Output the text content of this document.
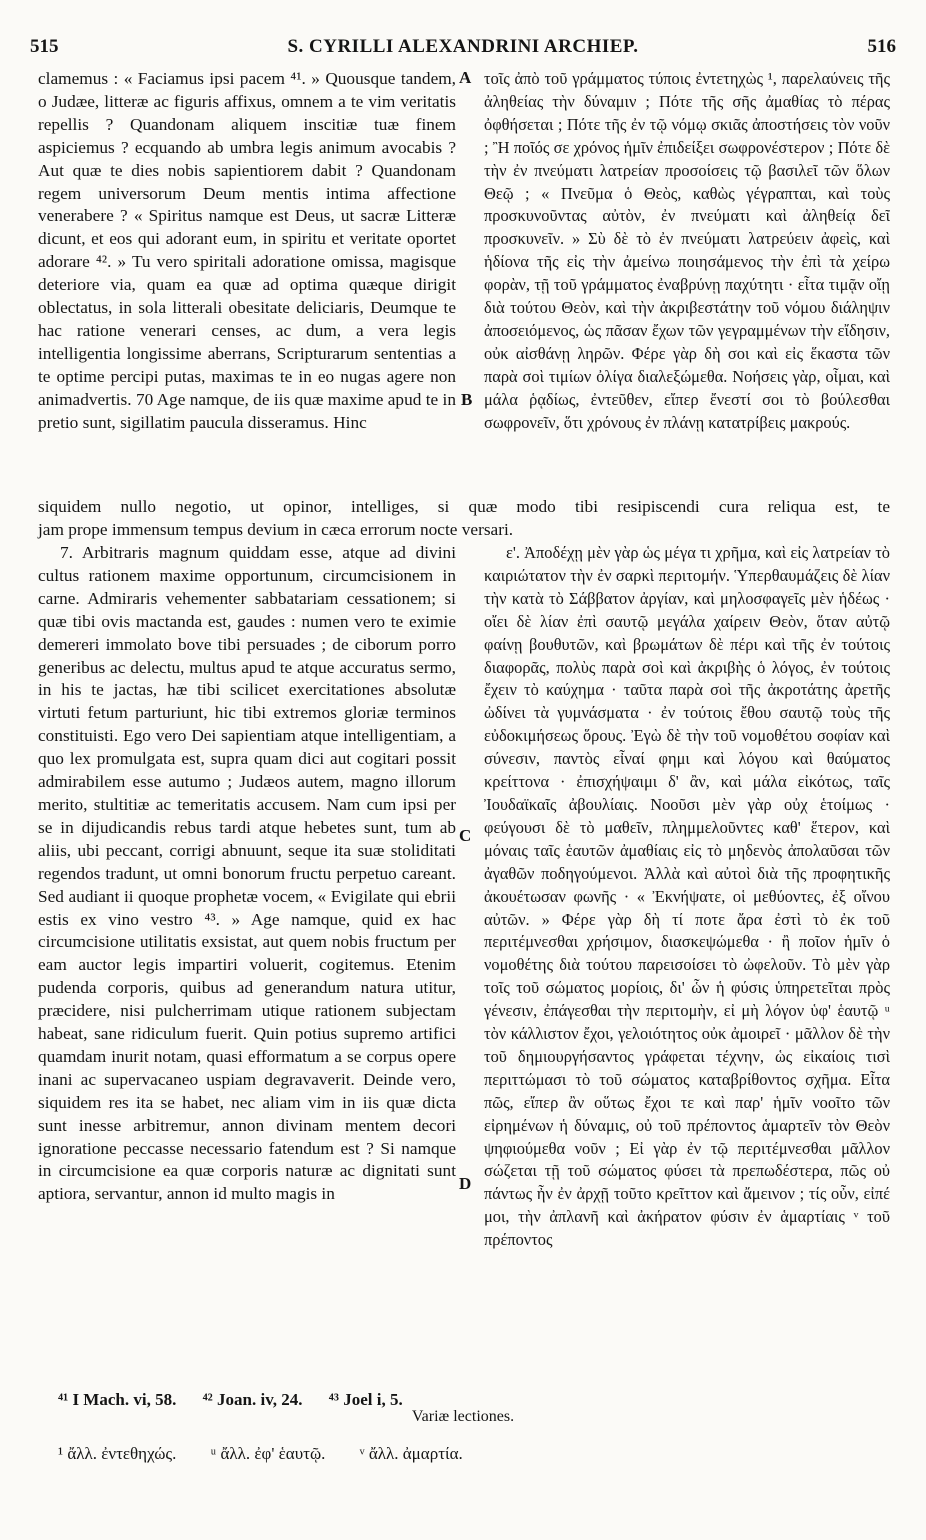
515	S. CYRILLI ALEXANDRINI ARCHIEP.	516

clamemus : « Faciamus ipsi pacem ⁴¹. » Quousque tandem, o Judæe, litteræ ac figuris affixus, omnem a te vim veritatis repellis ? Quandonam aliquem inscitiæ tuæ finem aspiciemus ? ecquando ab umbra legis animum avocabis ? Aut quæ te dies nobis sapientiorem dabit ? Quandonam regem universorum Deum mentis intima affectione venerabere ? « Spiritus namque est Deus, ut sacræ Litteræ dicunt, et eos qui adorant eum, in spiritu et veritate oportet adorare ⁴². » Tu vero spiritali adoratione omissa, magisque deteriore via, quam ea quæ ad optima quæque dirigit oblectatus, in sola litterali obesitate deliciaris, Deumque te hac ratione venerari censes, ac dum, a vera legis intelligentia longissime aberrans, Scripturarum sententias a te optime percipi putas, maximas te in eo nugas agere non animadvertis. 70 Age namque, de iis quæ maxime apud te in pretio sunt, sigillatim paucula disseramus. Hinc

τοῖς ἀπὸ τοῦ γράμματος τύποις ἐντετηχὼς ¹, παρελαύνεις τῆς ἀληθείας τὴν δύναμιν ; Πότε τῆς σῆς ἀμαθίας τὸ πέρας ὀφθήσεται ; Πότε τῆς ἐν τῷ νόμῳ σκιᾶς ἀποστήσεις τὸν νοῦν ; Ἢ ποῖός σε χρόνος ἡμῖν ἐπιδείξει σωφρονέστερον ; Πότε δὲ τὴν ἐν πνεύματι λατρείαν προσοίσεις τῷ βασιλεῖ τῶν ὅλων Θεῷ ; « Πνεῦμα ὁ Θεὸς, καθὼς γέγραπται, καὶ τοὺς προσκυνοῦντας αὐτὸν, ἐν πνεύματι καὶ ἀληθείᾳ δεῖ προσκυνεῖν. » Σὺ δὲ τὸ ἐν πνεύματι λατρεύειν ἀφεὶς, καὶ ἡδίονα τῆς εἰς τὴν ἀμείνω ποιησάμενος τὴν ἐπὶ τὰ χείρω φορὰν, τῇ τοῦ γράμματος ἐναβρύνῃ παχύτητι · εἶτα τιμᾷν οἴῃ διὰ τούτου Θεὸν, καὶ τὴν ἀκριβεστάτην τοῦ νόμου διάληψιν ἀποσειόμενος, ὡς πᾶσαν ἔχων τῶν γεγραμμένων τὴν εἴδησιν, οὐκ αἰσθάνῃ ληρῶν. Φέρε γὰρ δὴ σοι καὶ εἰς ἕκαστα τῶν παρὰ σοὶ τιμίων ὀλίγα διαλεξώμεθα. Νοήσεις γὰρ, οἶμαι, καὶ μάλα ῥᾳδίως, ἐντεῦθεν, εἴπερ ἔνεστί σοι τὸ βούλεσθαι σωφρονεῖν, ὅτι χρόνους ἐν πλάνῃ κατατρίβεις μακρούς.

A
B
siquidem nullo negotio, ut opinor, intelliges, si quæ modo tibi resipiscendi cura reliqua est, te
jam prope immensum tempus devium in cæca errorum nocte versari.

7. Arbitraris magnum quiddam esse, atque ad divini cultus rationem maxime opportunum, circumcisionem in carne. Admiraris vehementer sabbatariam cessationem; si quæ tibi ovis mactanda est, gaudes : numen vero te eximie demereri immolato bove tibi persuades ; de ciborum porro generibus ac delectu, multus apud te atque accuratus sermo, in his te jactas, hæ tibi scilicet exercitationes absolutæ virtuti fetum parturiunt, hic tibi extremos gloriæ terminos constituisti. Ego vero Dei sapientiam atque intelligentiam, a quo lex promulgata est, supra quam dici aut cogitari possit admirabilem esse autumo ; Judæos autem, magno illorum merito, stultitiæ ac temeritatis accusem. Nam cum ipsi per se in dijudicandis rebus tardi atque hebetes sunt, tum ab aliis, ubi peccant, corrigi abnuunt, seque ita suæ stoliditati regendos tradunt, ut omni bonorum fructu perpetuo careant. Sed audiant ii quoque prophetæ vocem, « Evigilate qui ebrii estis ex vino vestro ⁴³. » Age namque, quid ex hac circumcisione utilitatis exsistat, aut quem nobis fructum per eam auctor legis impartiri voluerit, cogitemus. Etenim pudenda corporis, quibus ad generandum natura utitur, præcidere, nisi pulcherrimam utique rationem subjectam habeat, sane ridiculum fuerit. Quin potius supremo artifici quamdam inurit notam, quasi efformatum a se corpus opere inani ac supervacaneo uspiam degravaverit. Deinde vero, siquidem res ita se habet, nec aliam vim in iis quæ dicta sunt inesse arbitremur, annon divinam mentem decori ignoratione peccasse necessario fatendum est ? Si namque in circumcisione ea quæ corporis naturæ ac dignitati sunt aptiora, servantur, annon id multo magis in

ε'. Ἀποδέχῃ μὲν γὰρ ὡς μέγα τι χρῆμα, καὶ εἰς λατρείαν τὸ καιριώτατον τὴν ἐν σαρκὶ περιτομήν. Ὑπερθαυμάζεις δὲ λίαν τὴν κατὰ τὸ Σάββατον ἀργίαν, καὶ μηλοσφαγεῖς μὲν ἡδέως · οἴει δὲ λίαν ἐπὶ σαυτῷ μεγάλα χαίρειν Θεὸν, ὅταν αὐτῷ φαίνῃ βουθυτῶν, καὶ βρωμάτων δὲ πέρι καὶ τῆς ἐν τούτοις διαφορᾶς, πολὺς παρὰ σοὶ καὶ ἀκριβὴς ὁ λόγος, ἐν τούτοις ἔχειν τὸ καύχημα · ταῦτα παρὰ σοὶ τῆς ἀκροτάτης ἀρετῆς ὠδίνει τὰ γυμνάσματα · ἐν τούτοις ἔθου σαυτῷ τοὺς τῆς εὐδοκιμήσεως ὅρους. Ἐγὼ δὲ τὴν τοῦ νομοθέτου σοφίαν καὶ σύνεσιν, παντὸς εἶναί φημι καὶ λόγου καὶ θαύματος κρείττονα · ἐπισχήψαιμι δ' ἂν, καὶ μάλα εἰκότως, ταῖς Ἰουδαϊκαῖς ἀβουλίαις. Νοοῦσι μὲν γὰρ οὐχ ἑτοίμως · φεύγουσι δὲ τὸ μαθεῖν, πλημμελοῦντες καθ' ἕτερον, καὶ μόναις ταῖς ἑαυτῶν ἀμαθίαις εἰς τὸ μηδενὸς ἀπολαῦσαι τῶν ἀγαθῶν ποδηγούμενοι. Ἀλλὰ καὶ αὐτοὶ διὰ τῆς προφητικῆς ἀκουέτωσαν φωνῆς · « Ἐκνήψατε, οἱ μεθύοντες, ἐξ οἴνου αὐτῶν. » Φέρε γὰρ δὴ τί ποτε ἄρα ἐστὶ τὸ ἐκ τοῦ περιτέμνεσθαι χρήσιμον, διασκεψώμεθα · ἢ ποῖον ἡμῖν ὁ νομοθέτης διὰ τούτου παρεισοίσει τὸ ὠφελοῦν. Τὸ μὲν γὰρ τοῖς τοῦ σώματος μορίοις, δι' ὧν ἡ φύσις ὑπηρετεῖται πρὸς γένεσιν, ἐπάγεσθαι τὴν περιτομὴν, εἰ μὴ λόγον ὑφ' ἑαυτῷ ᵘ τὸν κάλλιστον ἔχοι, γελοιότητος οὐκ ἀμοιρεῖ · μᾶλλον δὲ τὴν τοῦ δημιουργήσαντος γράφεται τέχνην, ὡς εἰκαίοις τισὶ περιττώμασι τὸ τοῦ σώματος καταβρίθοντος σχῆμα. Εἶτα πῶς, εἴπερ ἂν οὕτως ἔχοι τε καὶ παρ' ἡμῖν νοοῖτο τῶν εἰρημένων ἡ δύναμις, οὐ τοῦ πρέποντος ἁμαρτεῖν τὸν Θεὸν ψηφιούμεθα νοῦν ; Εἰ γὰρ ἐν τῷ περιτέμνεσθαι μᾶλλον σώζεται τῇ τοῦ σώματος φύσει τὰ πρεπωδέστερα, πῶς οὐ πάντως ἦν ἐν ἀρχῇ τοῦτο κρεῖττον καὶ ἄμεινον ; τίς οὖν, εἰπέ μοι, τὴν ἀπλανῆ καὶ ἀκήρατον φύσιν ἐν ἁμαρτίαις ᵛ τοῦ πρέποντος

C
D
⁴¹ I Mach. vi, 58. ⁴² Joan. iv, 24. ⁴³ Joel i, 5.
Variæ lectiones.
¹ ἄλλ. ἐντεθηχώς. ᵘ ἄλλ. ἐφ' ἑαυτῷ. ᵛ ἄλλ. ἀμαρτία.
